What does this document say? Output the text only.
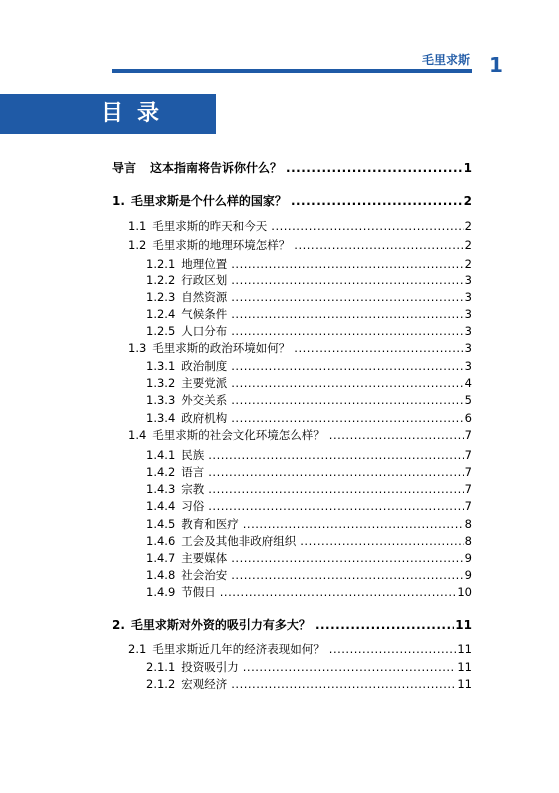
毛里求斯 1
目录
导言 这本指南将告诉你什么？ .....	1
1. 毛里求斯是个什么样的国家？ .....	2
1.1 毛里求斯的昨天和今天 .....	2
1.2 毛里求斯的地理环境怎样？ .....	2
1.2.1 地理位置 .....	2
1.2.2 行政区划 .....	3
1.2.3 自然资源 .....	3
1.2.4 气候条件 .....	3
1.2.5 人口分布 .....	3
1.3 毛里求斯的政治环境如何？ .....	3
1.3.1 政治制度 .....	3
1.3.2 主要党派 .....	4
1.3.3 外交关系 .....	5
1.3.4 政府机构 .....	6
1.4 毛里求斯的社会文化环境怎么样？ .....	7
1.4.1 民族 .....	7
1.4.2 语言 .....	7
1.4.3 宗教 .....	7
1.4.4 习俗 .....	7
1.4.5 教育和医疗 .....	8
1.4.6 工会及其他非政府组织 .....	8
1.4.7 主要媒体 .....	9
1.4.8 社会治安 .....	9
1.4.9 节假日 .....	10
2. 毛里求斯对外资的吸引力有多大？ .....	11
2.1 毛里求斯近几年的经济表现如何？ .....	11
2.1.1 投资吸引力 .....	11
2.1.2 宏观经济 .....	11
